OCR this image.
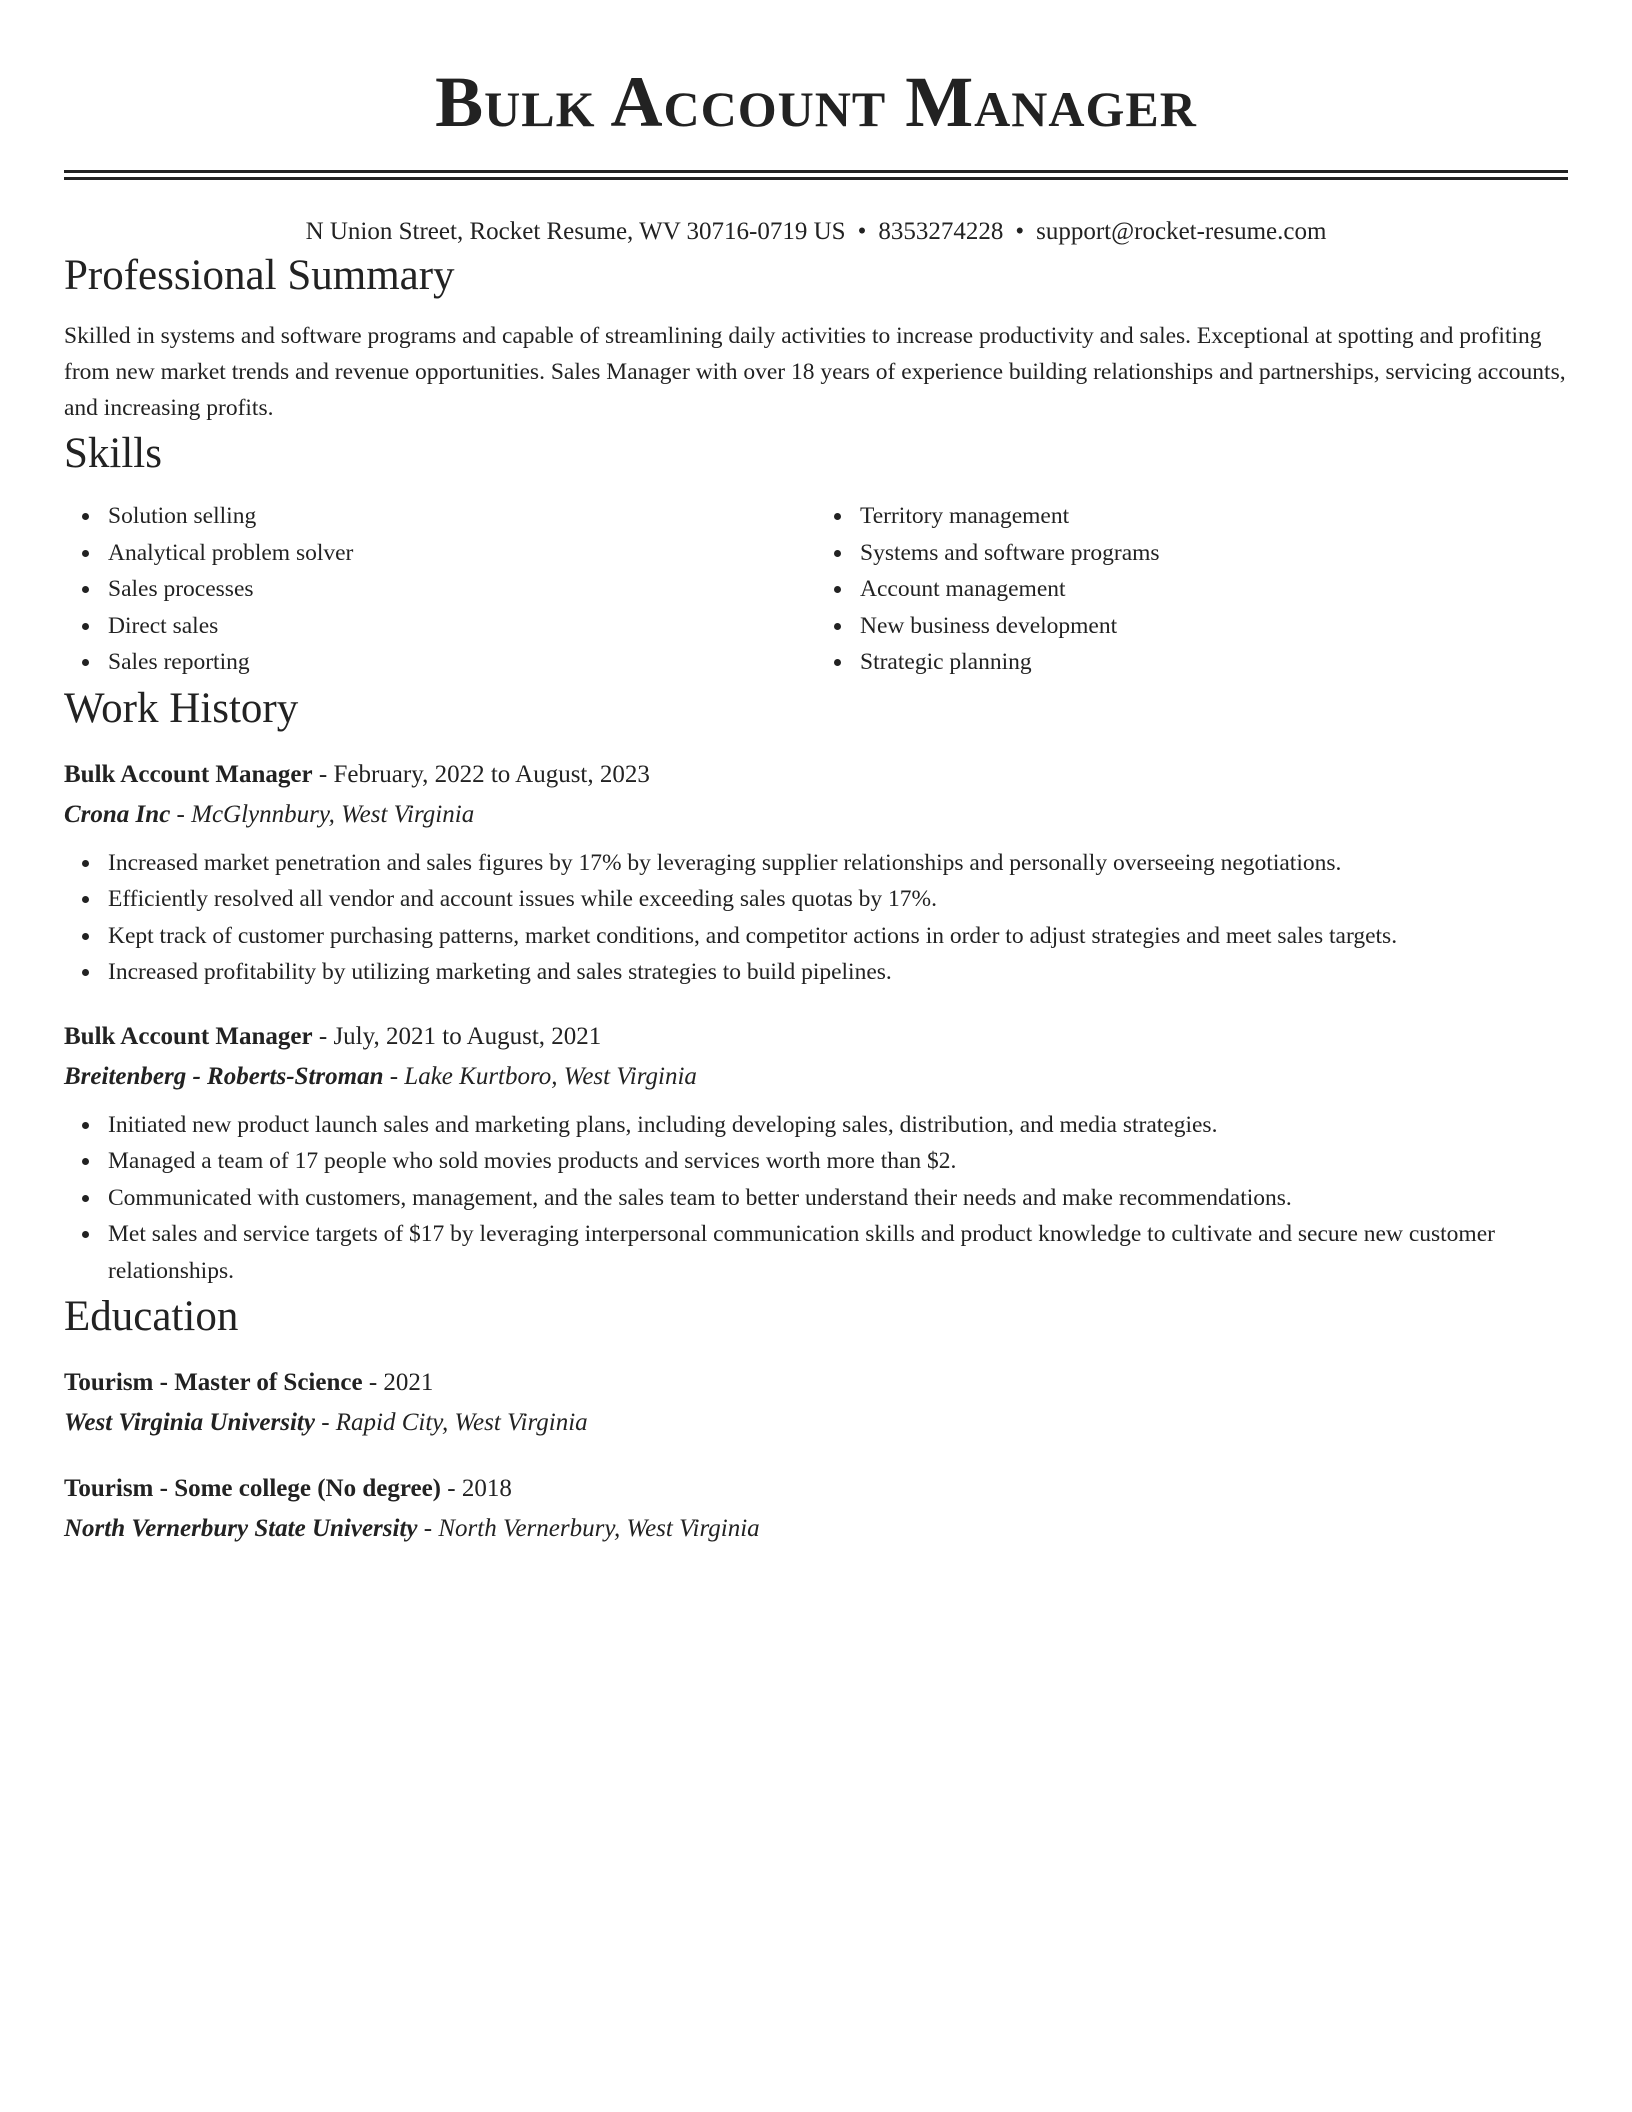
Bulk Account Manager
N Union Street, Rocket Resume, WV 30716-0719 US • 8353274228 • support@rocket-resume.com
Professional Summary
Skilled in systems and software programs and capable of streamlining daily activities to increase productivity and sales. Exceptional at spotting and profiting from new market trends and revenue opportunities. Sales Manager with over 18 years of experience building relationships and partnerships, servicing accounts, and increasing profits.
Skills
Solution selling
Analytical problem solver
Sales processes
Direct sales
Sales reporting
Territory management
Systems and software programs
Account management
New business development
Strategic planning
Work History
Bulk Account Manager - February, 2022 to August, 2023
Crona Inc - McGlynnbury, West Virginia
Increased market penetration and sales figures by 17% by leveraging supplier relationships and personally overseeing negotiations.
Efficiently resolved all vendor and account issues while exceeding sales quotas by 17%.
Kept track of customer purchasing patterns, market conditions, and competitor actions in order to adjust strategies and meet sales targets.
Increased profitability by utilizing marketing and sales strategies to build pipelines.
Bulk Account Manager - July, 2021 to August, 2021
Breitenberg - Roberts-Stroman - Lake Kurtboro, West Virginia
Initiated new product launch sales and marketing plans, including developing sales, distribution, and media strategies.
Managed a team of 17 people who sold movies products and services worth more than $2.
Communicated with customers, management, and the sales team to better understand their needs and make recommendations.
Met sales and service targets of $17 by leveraging interpersonal communication skills and product knowledge to cultivate and secure new customer relationships.
Education
Tourism - Master of Science - 2021
West Virginia University - Rapid City, West Virginia
Tourism - Some college (No degree) - 2018
North Vernerbury State University - North Vernerbury, West Virginia
